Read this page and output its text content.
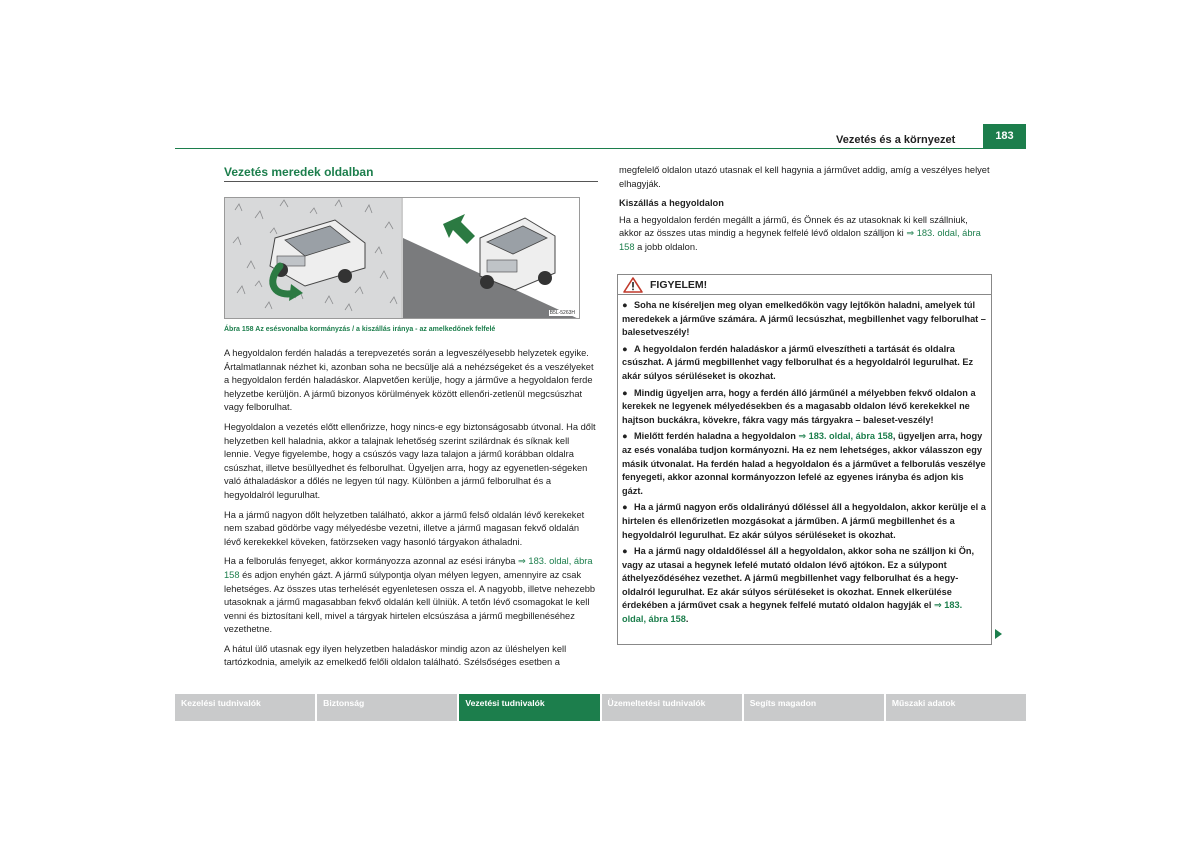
Vezetés és a környezet	183
Vezetés meredek oldalban
B5L-5263H
Ábra 158 Az esésvonalba kormányzás / a kiszállás iránya - az amelkedőnek felfelé

A hegyoldalon ferdén haladás a terepvezetés során a legveszélyesebb helyzetek egyike. Ártalmatlannak nézhet ki, azonban soha ne becsülje alá a nehézségeket és a veszélyeket a hegyoldalon ferdén haladáskor. Alapvetően kerülje, hogy a járműve a hegyoldalon ferde helyzetbe kerüljön. A jármű bizonyos körülmények között ellenőri-zetlenül megcsúszhat vagy felborulhat.

Hegyoldalon a vezetés előtt ellenőrizze, hogy nincs-e egy biztonságosabb útvonal. Ha dőlt helyzetben kell haladnia, akkor a talajnak lehetőség szerint szilárdnak és síknak kell lennie. Vegye figyelembe, hogy a csúszós vagy laza talajon a jármű korábban oldalra csúszhat, illetve besüllyedhet és felborulhat. Ügyeljen arra, hogy az egyenetlen-ségeken való áthaladáskor a dőlés ne legyen túl nagy. Különben a jármű felborulhat és a hegyoldalról legurulhat.

Ha a jármű nagyon dőlt helyzetben található, akkor a jármű felső oldalán lévő kerekeket nem szabad gödörbe vagy mélyedésbe vezetni, illetve a jármű magasan fekvő oldalán lévő kerekekkel köveken, fatörzseken vagy hasonló tárgyakon áthaladni.

Ha a felborulás fenyeget, akkor kormányozza azonnal az esési irányba ⇒ 183. oldal, ábra 158 és adjon enyhén gázt. A jármű súlypontja olyan mélyen legyen, amennyire az csak lehetséges. Az összes utas terhelését egyenletesen ossza el. A nagyobb, illetve nehezebb utasoknak a jármű magasabban fekvő oldalán kell ülniük. A tetőn lévő csomagokat le kell venni és biztosítani kell, mivel a tárgyak hirtelen elcsúszása a jármű megbillenéséhez vezethetne.

A hátul ülő utasnak egy ilyen helyzetben haladáskor mindig azon az üléshelyen kell tartózkodnia, amelyik az emelkedő felőli oldalon található. Szélsőséges esetben a

megfelelő oldalon utazó utasnak el kell hagynia a járművet addig, amíg a veszélyes helyet elhagyják.

Kiszállás a hegyoldalon

Ha a hegyoldalon ferdén megállt a jármű, és Önnek és az utasoknak ki kell szállniuk, akkor az összes utas mindig a hegynek felfelé lévő oldalon szálljon ki ⇒ 183. oldal, ábra 158 a jobb oldalon.

FIGYELEM!
● Soha ne kíséreljen meg olyan emelkedőkön vagy lejtőkön haladni, amelyek túl meredekek a járműve számára. A jármű lecsúszhat, megbillenhet vagy felborulhat – balesetveszély!
● A hegyoldalon ferdén haladáskor a jármű elveszítheti a tartását és oldalra csúszhat. A jármű megbillenhet vagy felborulhat és a hegyoldalról legurulhat. Ez akár súlyos sérüléseket is okozhat.
● Mindig ügyeljen arra, hogy a ferdén álló járműnél a mélyebben fekvő oldalon a kerekek ne legyenek mélyedésekben és a magasabb oldalon lévő kerekekkel ne hajtson buckákra, kövekre, fákra vagy más tárgyakra – baleset-veszély!
● Mielőtt ferdén haladna a hegyoldalon ⇒ 183. oldal, ábra 158, ügyeljen arra, hogy az esés vonalába tudjon kormányozni. Ha ez nem lehetséges, akkor válasszon egy másik útvonalat. Ha ferdén halad a hegyoldalon és a járművet a felborulás veszélye fenyegeti, akkor azonnal kormányozzon lefelé az egyenes irányba és adjon kis gázt.
● Ha a jármű nagyon erős oldalirányú dőléssel áll a hegyoldalon, akkor kerülje el a hirtelen és ellenőrizetlen mozgásokat a járműben. A jármű megbillenhet és a hegyoldalról legurulhat. Ez akár súlyos sérüléseket is okozhat.
● Ha a jármű nagy oldaldőléssel áll a hegyoldalon, akkor soha ne szálljon ki Ön, vagy az utasai a hegynek lefelé mutató oldalon lévő ajtókon. Ez a súlypont áthelyeződéséhez vezethet. A jármű megbillenhet vagy felborulhat és a hegy-oldalról legurulhat. Ez akár súlyos sérüléseket is okozhat. Ennek elkerülése érdekében a járművet csak a hegynek felfelé mutató oldalon hagyják el ⇒ 183. oldal, ábra 158.
Kezelési tudnivalók	Biztonság	Vezetési tudnivalók	Üzemeltetési tudnivalók	Segíts magadon	Műszaki adatok
